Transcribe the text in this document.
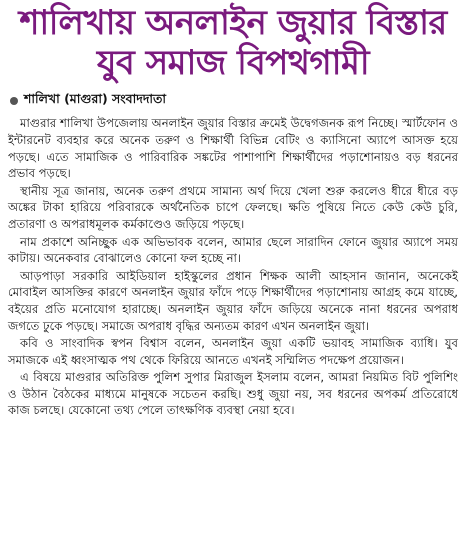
শালিখায় অনলাইন জুয়ার বিস্তার
যুব সমাজ বিপথগামী
শালিখা (মাগুরা) সংবাদদাতা

মাগুরার শালিখা উপজেলায় অনলাইন জুয়ার বিস্তার ক্রমেই উদ্বেগজনক রূপ নিচ্ছে। স্মার্টফোন ও ইন্টারনেট ব্যবহার করে অনেক তরুণ ও শিক্ষার্থী বিভিন্ন বেটিং ও ক্যাসিনো অ্যাপে আসক্ত হয়ে পড়ছে। এতে সামাজিক ও পারিবারিক সঙ্কটের পাশাপাশি শিক্ষার্থীদের পড়াশোনায়ও বড় ধরনের প্রভাব পড়ছে।

স্থানীয় সূত্র জানায়, অনেক তরুণ প্রথমে সামান্য অর্থ দিয়ে খেলা শুরু করলেও ধীরে ধীরে বড় অঙ্কের টাকা হারিয়ে পরিবারকে অর্থনৈতিক চাপে ফেলছে। ক্ষতি পুষিয়ে নিতে কেউ কেউ চুরি, প্রতারণা ও অপরাধমূলক কর্মকাণ্ডেও জড়িয়ে পড়ছে।

নাম প্রকাশে অনিচ্ছুক এক অভিভাবক বলেন, আমার ছেলে সারাদিন ফোনে জুয়ার অ্যাপে সময় কাটায়। অনেকবার বোঝালেও কোনো ফল হচ্ছে না।

আড়পাড়া সরকারি আইডিয়াল হাইস্কুলের প্রধান শিক্ষক আলী আহসান জানান, অনেকেই মোবাইল আসক্তির কারণে অনলাইন জুয়ার ফাঁদে পড়ে শিক্ষার্থীদের পড়াশোনায় আগ্রহ কমে যাচ্ছে, বইয়ের প্রতি মনোযোগ হারাচ্ছে। অনলাইন জুয়ার ফাঁদে জড়িয়ে অনেকে নানা ধরনের অপরাধ জগতে ঢুকে পড়ছে। সমাজে অপরাধ বৃদ্ধির অন্যতম কারণ এখন অনলাইন জুয়া।

কবি ও সাংবাদিক স্বপন বিশ্বাস বলেন, অনলাইন জুয়া একটি ভয়াবহ সামাজিক ব্যাধি। যুব সমাজকে এই ধ্বংসাত্মক পথ থেকে ফিরিয়ে আনতে এখনই সম্মিলিত পদক্ষেপ প্রয়োজন।

এ বিষয়ে মাগুরার অতিরিক্ত পুলিশ সুপার মিরাজুল ইসলাম বলেন, আমরা নিয়মিত বিট পুলিশিং ও উঠান বৈঠকের মাধ্যমে মানুষকে সচেতন করছি। শুধু জুয়া নয়, সব ধরনের অপকর্ম প্রতিরোধে কাজ চলছে। যেকোনো তথ্য পেলে তাৎক্ষণিক ব্যবস্থা নেয়া হবে।
